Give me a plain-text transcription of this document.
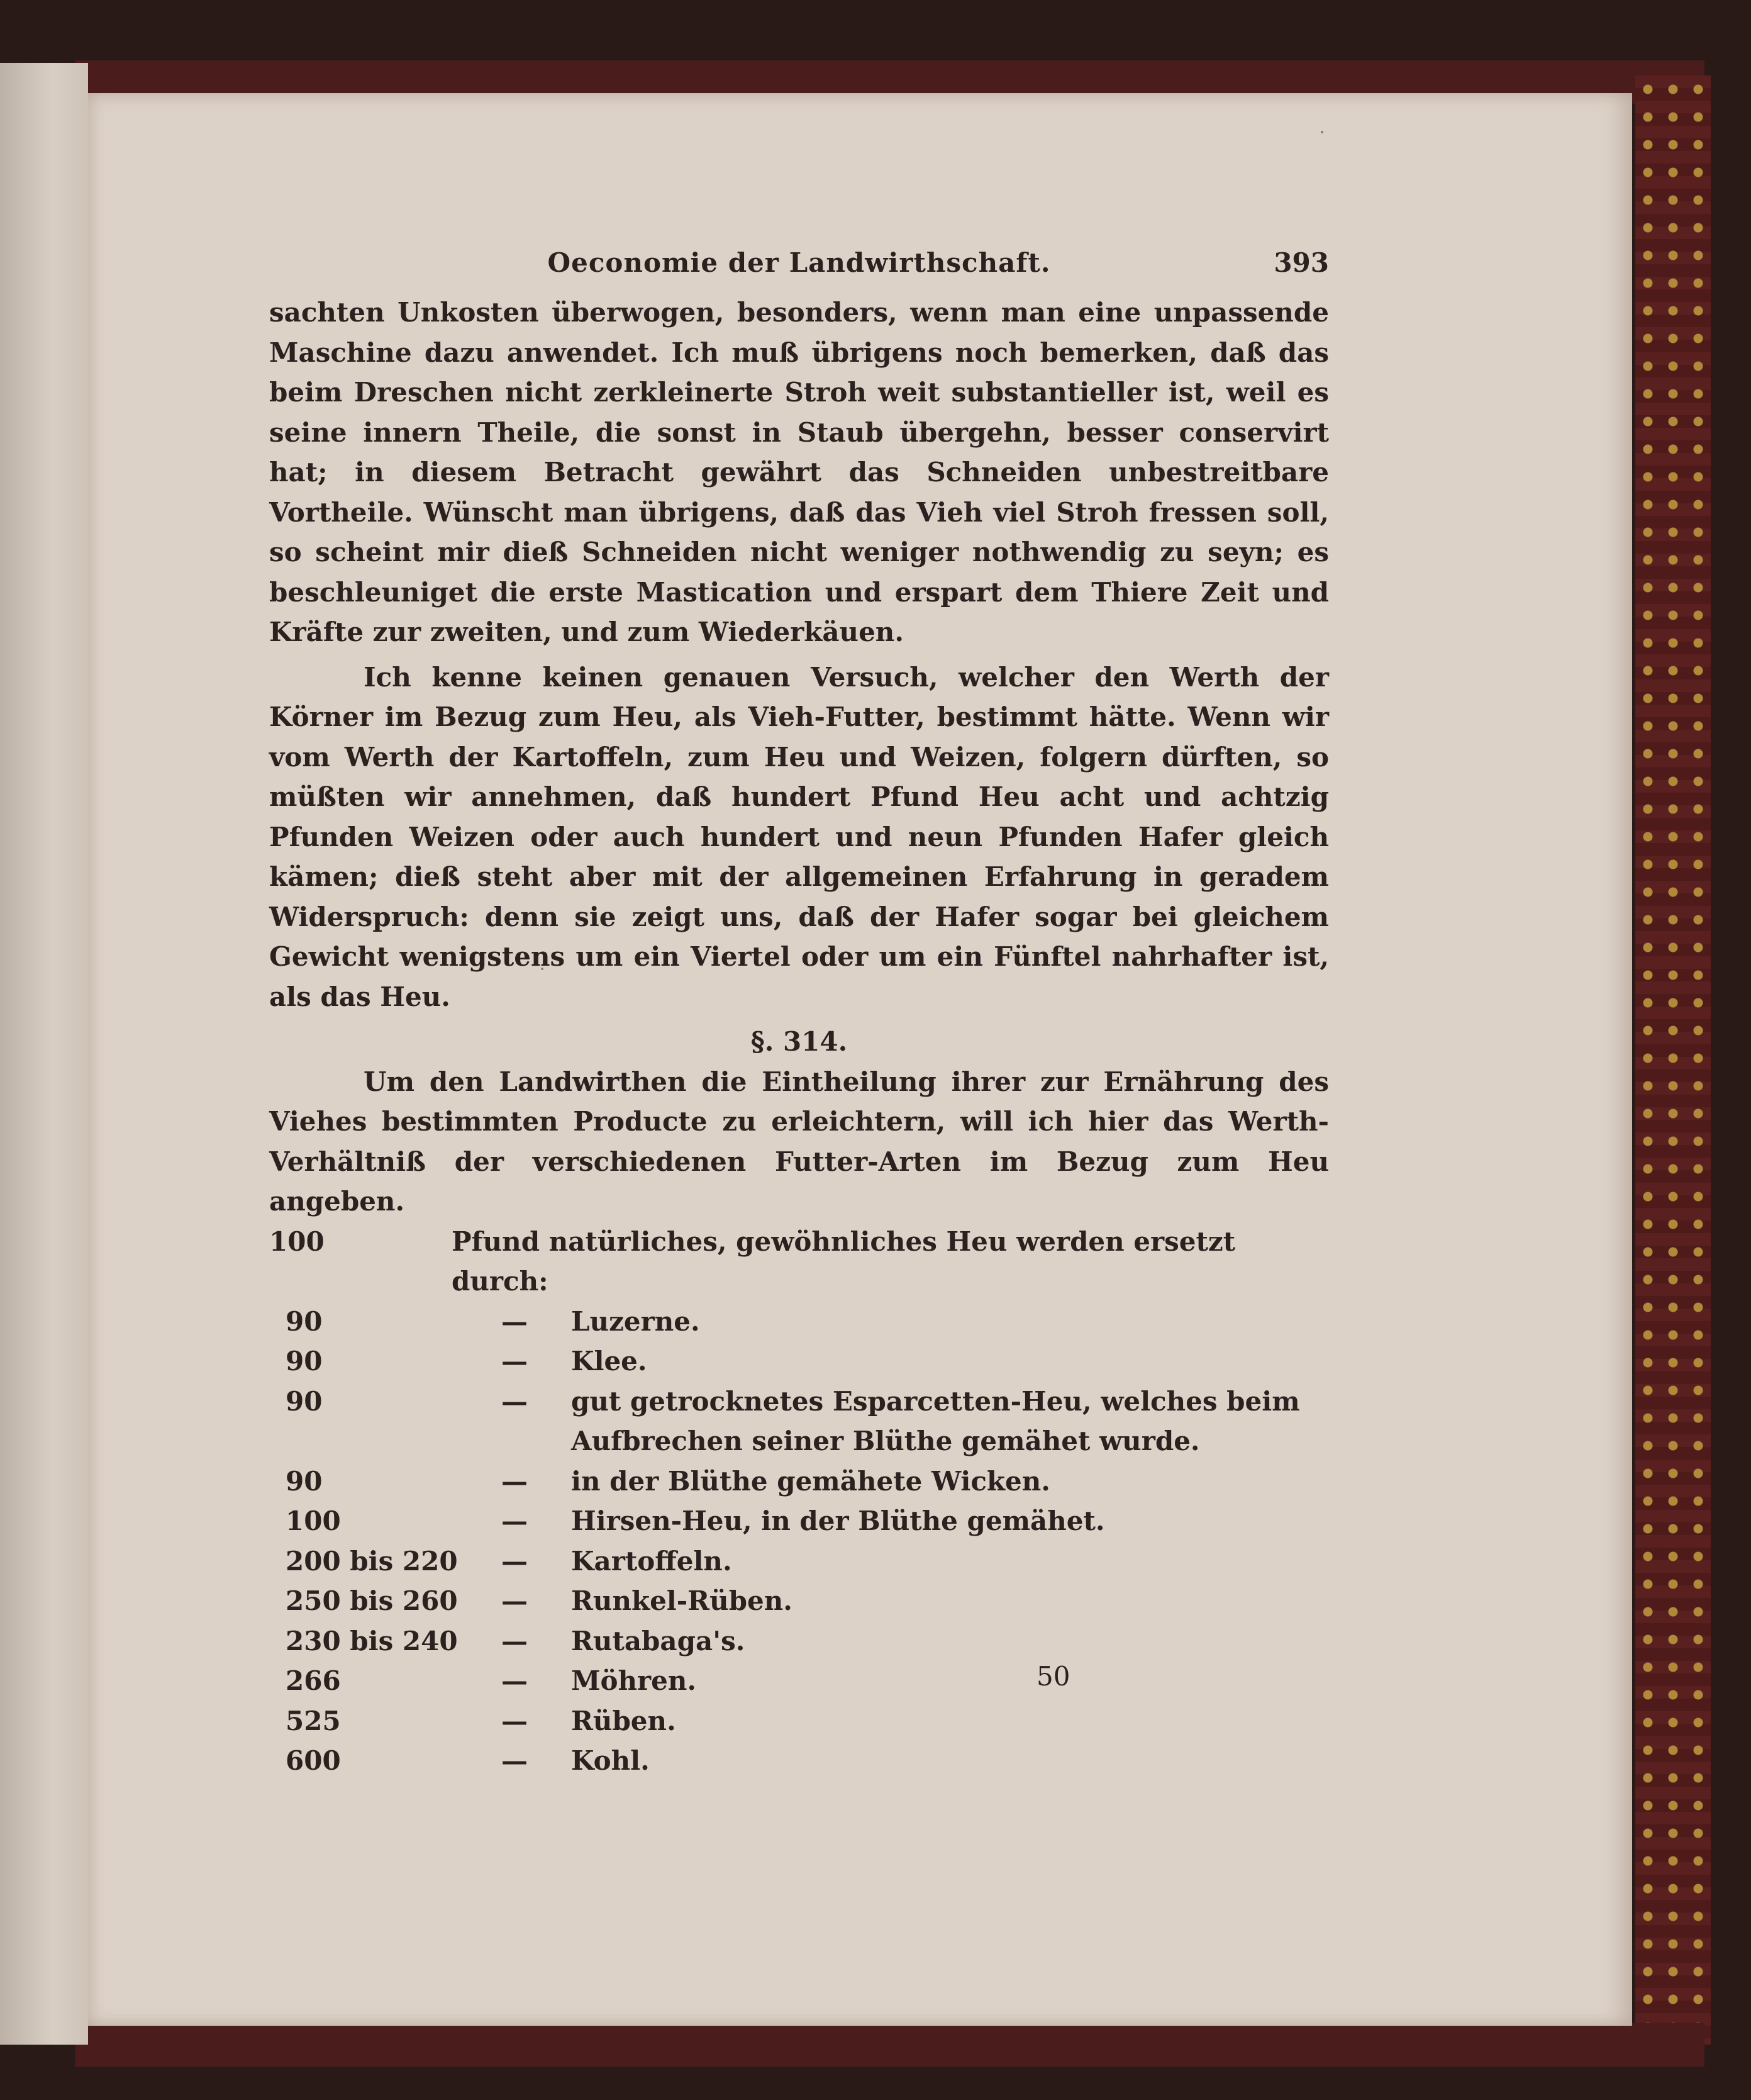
Oeconomie der Landwirthschaft.	393

sachten Unkosten überwogen, besonders, wenn man eine unpassende Maschine dazu anwendet. Ich muß übrigens noch bemerken, daß das beim Dreschen nicht zerkleinerte Stroh weit substantieller ist, weil es seine innern Theile, die sonst in Staub übergehn, besser conservirt hat; in diesem Betracht gewährt das Schneiden unbestreitbare Vortheile. Wünscht man übrigens, daß das Vieh viel Stroh fressen soll, so scheint mir dieß Schneiden nicht weniger nothwendig zu seyn; es beschleuniget die erste Mastication und erspart dem Thiere Zeit und Kräfte zur zweiten, und zum Wiederkäuen.

Ich kenne keinen genauen Versuch, welcher den Werth der Körner im Bezug zum Heu, als Vieh-Futter, bestimmt hätte. Wenn wir vom Werth der Kartoffeln, zum Heu und Weizen, folgern dürften, so müßten wir annehmen, daß hundert Pfund Heu acht und achtzig Pfunden Weizen oder auch hundert und neun Pfunden Hafer gleich kämen; dieß steht aber mit der allgemeinen Erfahrung in geradem Widerspruch: denn sie zeigt uns, daß der Hafer sogar bei gleichem Gewicht wenigstens um ein Viertel oder um ein Fünftel nahrhafter ist, als das Heu.

§. 314.

Um den Landwirthen die Eintheilung ihrer zur Ernährung des Viehes bestimmten Producte zu erleichtern, will ich hier das Werth-Verhältniß der verschiedenen Futter-Arten im Bezug zum Heu angeben.

100	Pfund natürliches, gewöhnliches Heu werden ersetzt durch:
90	—	Luzerne.
90	—	Klee.
90	—	gut getrocknetes Esparcetten-Heu, welches beim Aufbrechen seiner Blüthe gemähet wurde.
90	—	in der Blüthe gemähete Wicken.
100	—	Hirsen-Heu, in der Blüthe gemähet.
200 bis 220	—	Kartoffeln.
250 bis 260	—	Runkel-Rüben.
230 bis 240	—	Rutabaga's.
266	—	Möhren.
525	—	Rüben.
600	—	Kohl.
50
